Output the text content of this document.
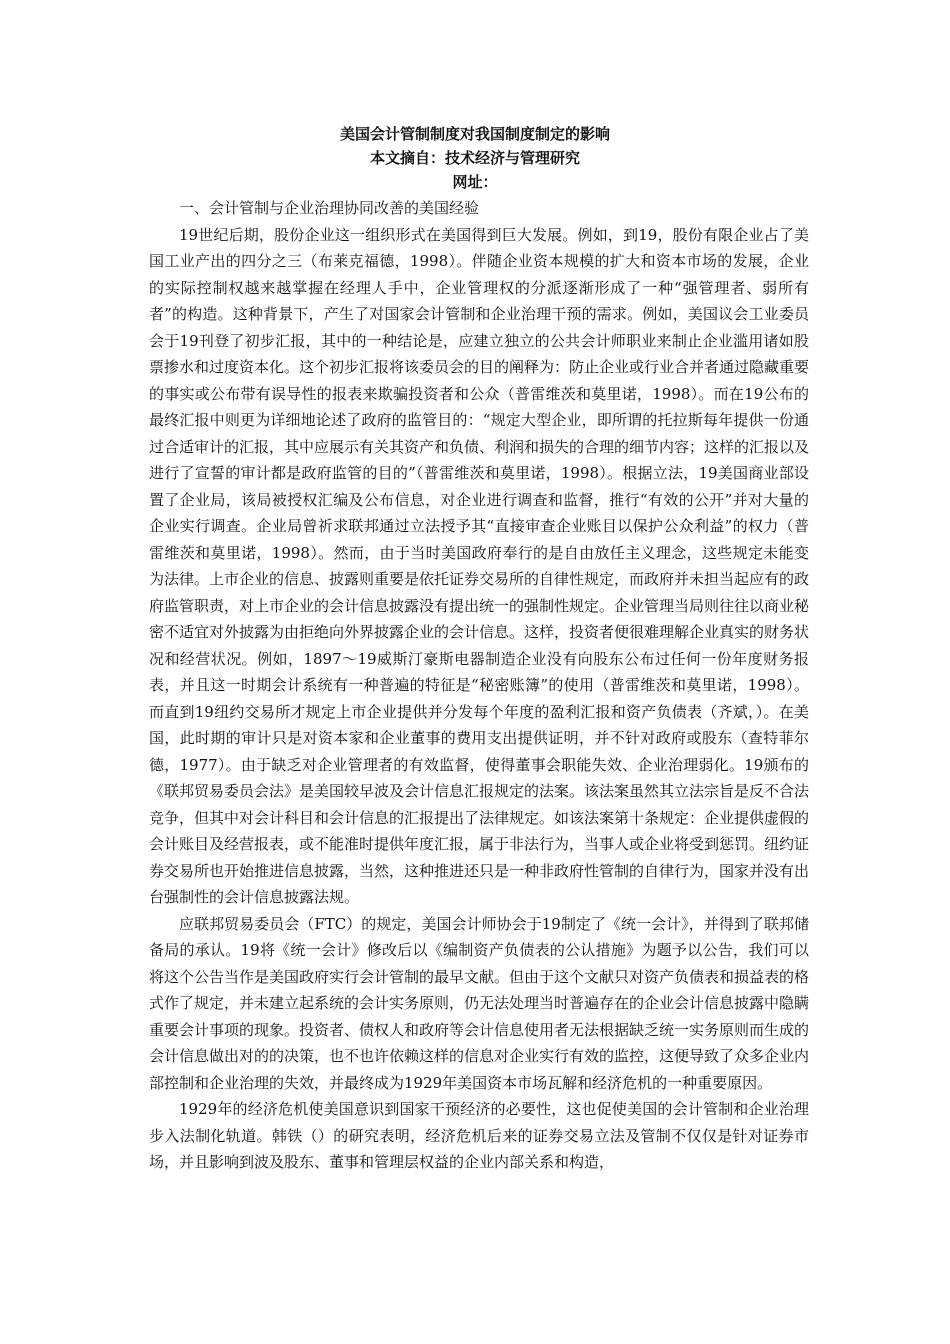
美国会计管制制度对我国制度制定的影响

本文摘自：技术经济与管理研究

网址：

一、会计管制与企业治理协同改善的美国经验

19世纪后期，股份企业这一组织形式在美国得到巨大发展。例如，到19，股份有限企业占了美国工业产出的四分之三（布莱克福德，1998）。伴随企业资本规模的扩大和资本市场的发展，企业的实际控制权越来越掌握在经理人手中，企业管理权的分派逐渐形成了一种“强管理者、弱所有者”的构造。这种背景下，产生了对国家会计管制和企业治理干预的需求。例如，美国议会工业委员会于19刊登了初步汇报，其中的一种结论是，应建立独立的公共会计师职业来制止企业滥用诸如股票掺水和过度资本化。这个初步汇报将该委员会的目的阐释为：防止企业或行业合并者通过隐藏重要的事实或公布带有误导性的报表来欺骗投资者和公众（普雷维茨和莫里诺，1998）。而在19公布的最终汇报中则更为详细地论述了政府的监管目的：“规定大型企业，即所谓的托拉斯每年提供一份通过合适审计的汇报，其中应展示有关其资产和负债、利润和损失的合理的细节内容；这样的汇报以及进行了宣誓的审计都是政府监管的目的”（普雷维茨和莫里诺，1998）。根据立法，19美国商业部设置了企业局，该局被授权汇编及公布信息，对企业进行调查和监督，推行“有效的公开”并对大量的企业实行调查。企业局曾祈求联邦通过立法授予其“直接审查企业账目以保护公众利益”的权力（普雷维茨和莫里诺，1998）。然而，由于当时美国政府奉行的是自由放任主义理念，这些规定未能变为法律。上市企业的信息、披露则重要是依托证券交易所的自律性规定，而政府并未担当起应有的政府监管职责，对上市企业的会计信息披露没有提出统一的强制性规定。企业管理当局则往往以商业秘密不适宜对外披露为由拒绝向外界披露企业的会计信息。这样，投资者便很难理解企业真实的财务状况和经营状况。例如，1897～19威斯汀豪斯电器制造企业没有向股东公布过任何一份年度财务报表，并且这一时期会计系统有一种普遍的特征是“秘密账簿”的使用（普雷维茨和莫里诺，1998）。而直到19纽约交易所才规定上市企业提供并分发每个年度的盈利汇报和资产负债表（齐斌，）。在美国，此时期的审计只是对资本家和企业董事的费用支出提供证明，并不针对政府或股东（查特菲尔德，1977）。由于缺乏对企业管理者的有效监督，使得董事会职能失效、企业治理弱化。19颁布的《联邦贸易委员会法》是美国较早波及会计信息汇报规定的法案。该法案虽然其立法宗旨是反不合法竞争，但其中对会计科目和会计信息的汇报提出了法律规定。如该法案第十条规定：企业提供虚假的会计账目及经营报表，或不能准时提供年度汇报，属于非法行为，当事人或企业将受到惩罚。纽约证券交易所也开始推进信息披露，当然，这种推进还只是一种非政府性管制的自律行为，国家并没有出台强制性的会计信息披露法规。

应联邦贸易委员会（FTC）的规定，美国会计师协会于19制定了《统一会计》，并得到了联邦储备局的承认。19将《统一会计》修改后以《编制资产负债表的公认措施》为题予以公告，我们可以将这个公告当作是美国政府实行会计管制的最早文献。但由于这个文献只对资产负债表和损益表的格式作了规定，并未建立起系统的会计实务原则，仍无法处理当时普遍存在的企业会计信息披露中隐瞒重要会计事项的现象。投资者、债权人和政府等会计信息使用者无法根据缺乏统一实务原则而生成的会计信息做出对的的决策，也不也许依赖这样的信息对企业实行有效的监控，这便导致了众多企业内部控制和企业治理的失效，并最终成为1929年美国资本市场瓦解和经济危机的一种重要原因。

1929年的经济危机使美国意识到国家干预经济的必要性，这也促使美国的会计管制和企业治理步入法制化轨道。韩铁（）的研究表明，经济危机后来的证券交易立法及管制不仅仅是针对证券市场，并且影响到波及股东、董事和管理层权益的企业内部关系和构造，
